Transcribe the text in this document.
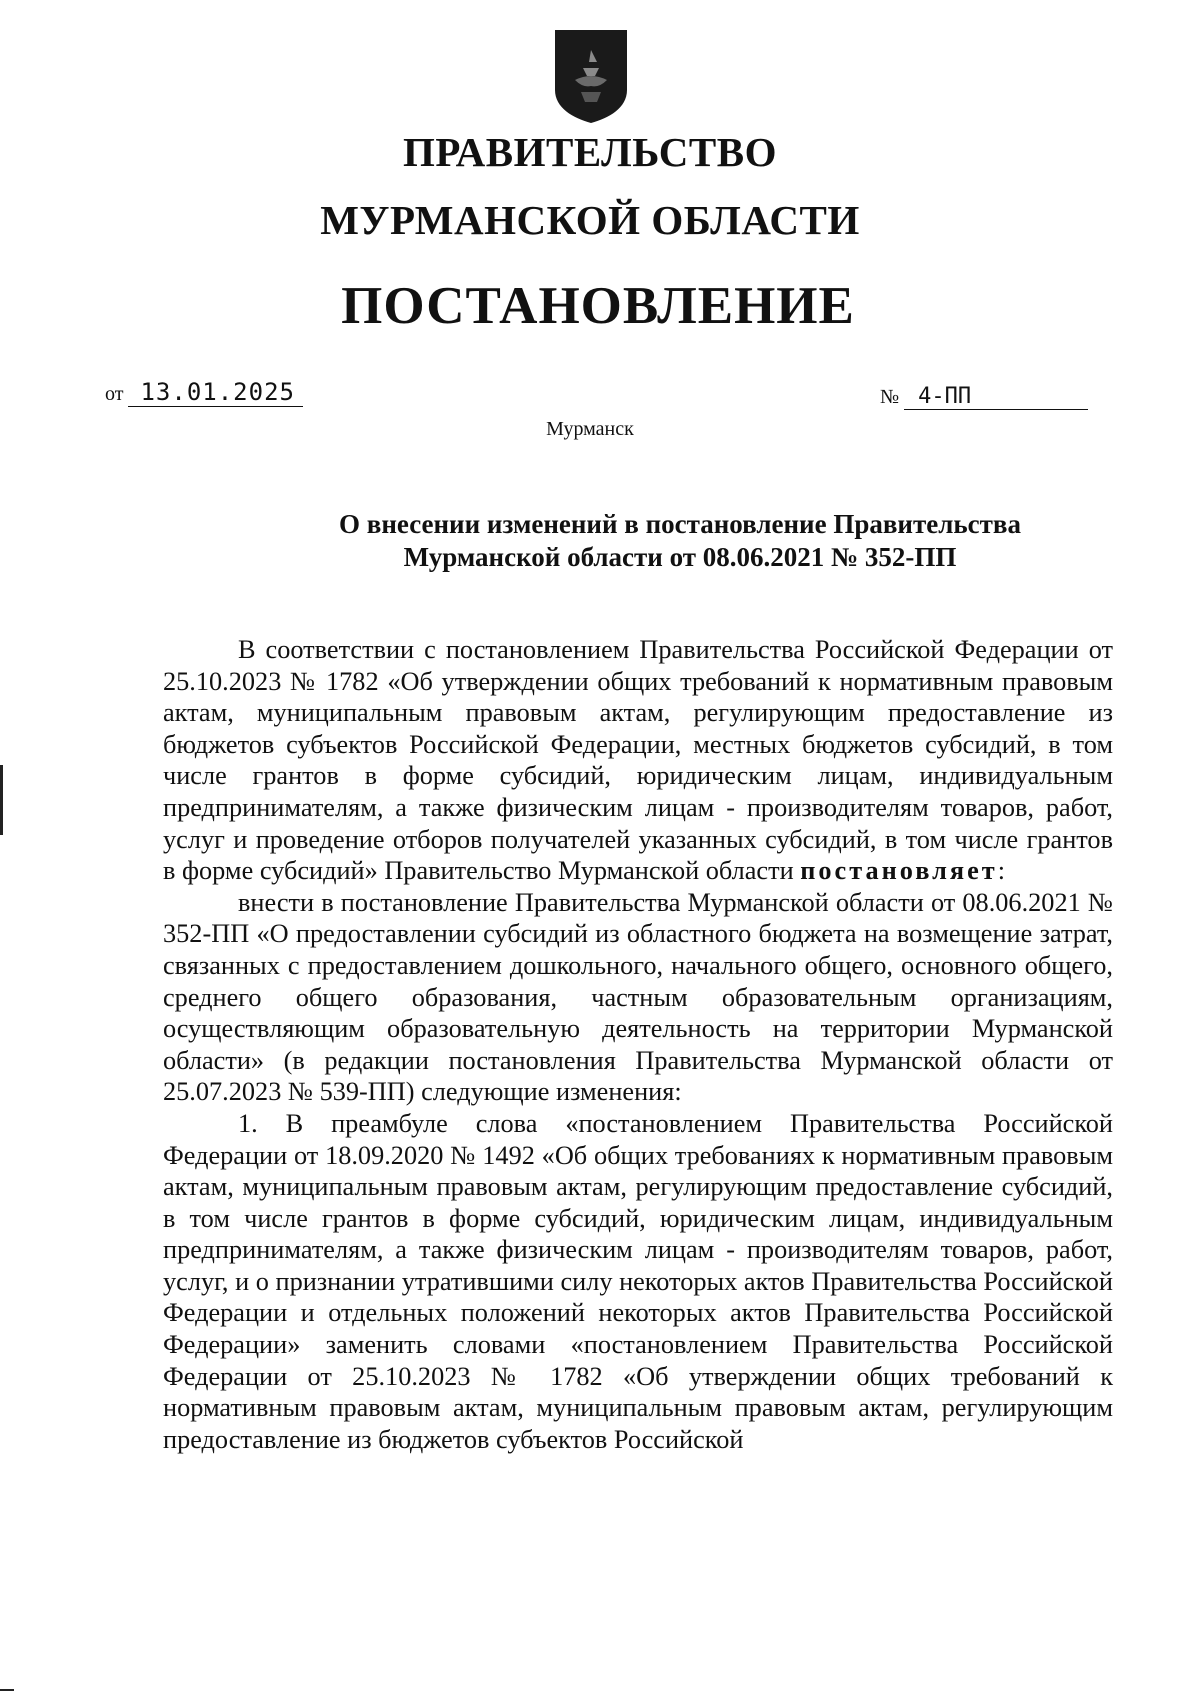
ПРАВИТЕЛЬСТВО
МУРМАНСКОЙ ОБЛАСТИ
ПОСТАНОВЛЕНИЕ
от 13.01.2025	№ 4-ПП
Мурманск
О внесении изменений в постановление Правительства
Мурманской области от 08.06.2021 № 352-ПП

В соответствии с постановлением Правительства Российской Федерации от 25.10.2023 № 1782 «Об утверждении общих требований к нормативным правовым актам, муниципальным правовым актам, регулирующим предоставление из бюджетов субъектов Российской Федерации, местных бюджетов субсидий, в том числе грантов в форме субсидий, юридическим лицам, индивидуальным предпринимателям, а также физическим лицам - производителям товаров, работ, услуг и проведение отборов получателей указанных субсидий, в том числе грантов в форме субсидий» Правительство Мурманской области постановляет:

внести в постановление Правительства Мурманской области от 08.06.2021 № 352-ПП «О предоставлении субсидий из областного бюджета на возмещение затрат, связанных с предоставлением дошкольного, начального общего, основного общего, среднего общего образования, частным образовательным организациям, осуществляющим образовательную деятельность на территории Мурманской области» (в редакции постановления Правительства Мурманской области от 25.07.2023 № 539-ПП) следующие изменения:

1. В преамбуле слова «постановлением Правительства Российской Федерации от 18.09.2020 № 1492 «Об общих требованиях к нормативным правовым актам, муниципальным правовым актам, регулирующим предоставление субсидий, в том числе грантов в форме субсидий, юридическим лицам, индивидуальным предпринимателям, а также физическим лицам - производителям товаров, работ, услуг, и о признании утратившими силу некоторых актов Правительства Российской Федерации и отдельных положений некоторых актов Правительства Российской Федерации» заменить словами «постановлением Правительства Российской Федерации от 25.10.2023 № 1782 «Об утверждении общих требований к нормативным правовым актам, муниципальным правовым актам, регулирующим предоставление из бюджетов субъектов Российской
